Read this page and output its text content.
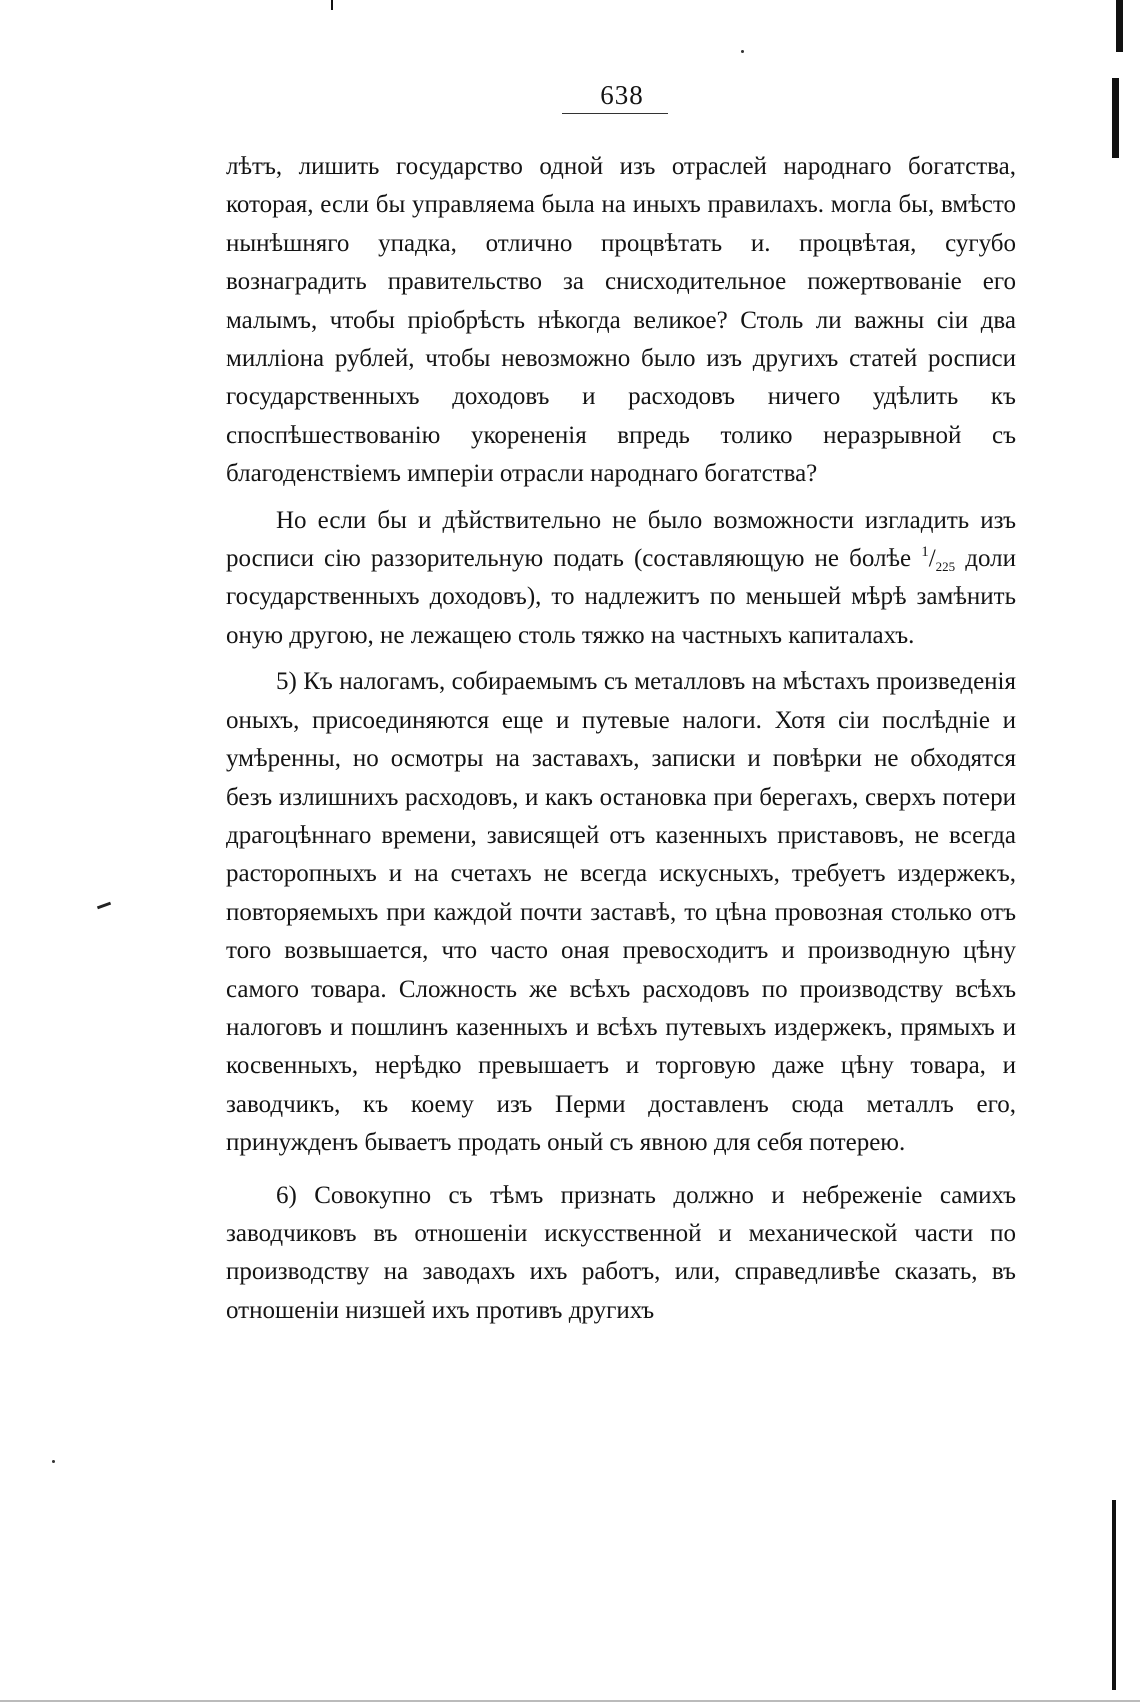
638

лѣтъ, лишить государство одной изъ отраслей народнаго богатства, которая, если бы управляема была на иныхъ правилахъ. могла бы, вмѣсто нынѣшняго упадка, отлично процвѣтать и. процвѣтая, сугубо вознаградить правительство за снисходительное пожертвованіе его малымъ, чтобы пріобрѣсть нѣкогда великое? Столь ли важны сіи два милліона рублей, чтобы невозможно было изъ другихъ статей росписи государственныхъ доходовъ и расходовъ ничего удѣлить къ споспѣшествованію укорененія впредь толико неразрывной съ благоденствіемъ имперіи отрасли народнаго богатства?

Но если бы и дѣйствительно не было возможности изгладить изъ росписи сію раззорительную подать (составляющую не болѣе $^1/_{225}$ доли государственныхъ доходовъ), то надлежитъ по меньшей мѣрѣ замѣнить оную другою, не лежащею столь тяжко на частныхъ капиталахъ.

5) Къ налогамъ, собираемымъ съ металловъ на мѣстахъ произведенія оныхъ, присоединяются еще и путевые налоги. Хотя сіи послѣдніе и умѣренны, но осмотры на заставахъ, записки и повѣрки не обходятся безъ излишнихъ расходовъ, и какъ остановка при берегахъ, сверхъ потери драгоцѣннаго времени, зависящей отъ казенныхъ приставовъ, не всегда расторопныхъ и на счетахъ не всегда искусныхъ, требуетъ издержекъ, повторяемыхъ при каждой почти заставѣ, то цѣна провозная столько отъ того возвышается, что часто оная превосходитъ и производную цѣну самого товара. Сложность же всѣхъ расходовъ по производству всѣхъ налоговъ и пошлинъ казенныхъ и всѣхъ путевыхъ издержекъ, прямыхъ и косвенныхъ, нерѣдко превышаетъ и торговую даже цѣну товара, и заводчикъ, къ коему изъ Перми доставленъ сюда металлъ его, принужденъ бываетъ продать оный съ явною для себя потерею.

6) Совокупно съ тѣмъ признать должно и небреженіе самихъ заводчиковъ въ отношеніи искусственной и механической части по производству на заводахъ ихъ работъ, или, справедливѣе сказать, въ отношеніи низшей ихъ противъ другихъ
